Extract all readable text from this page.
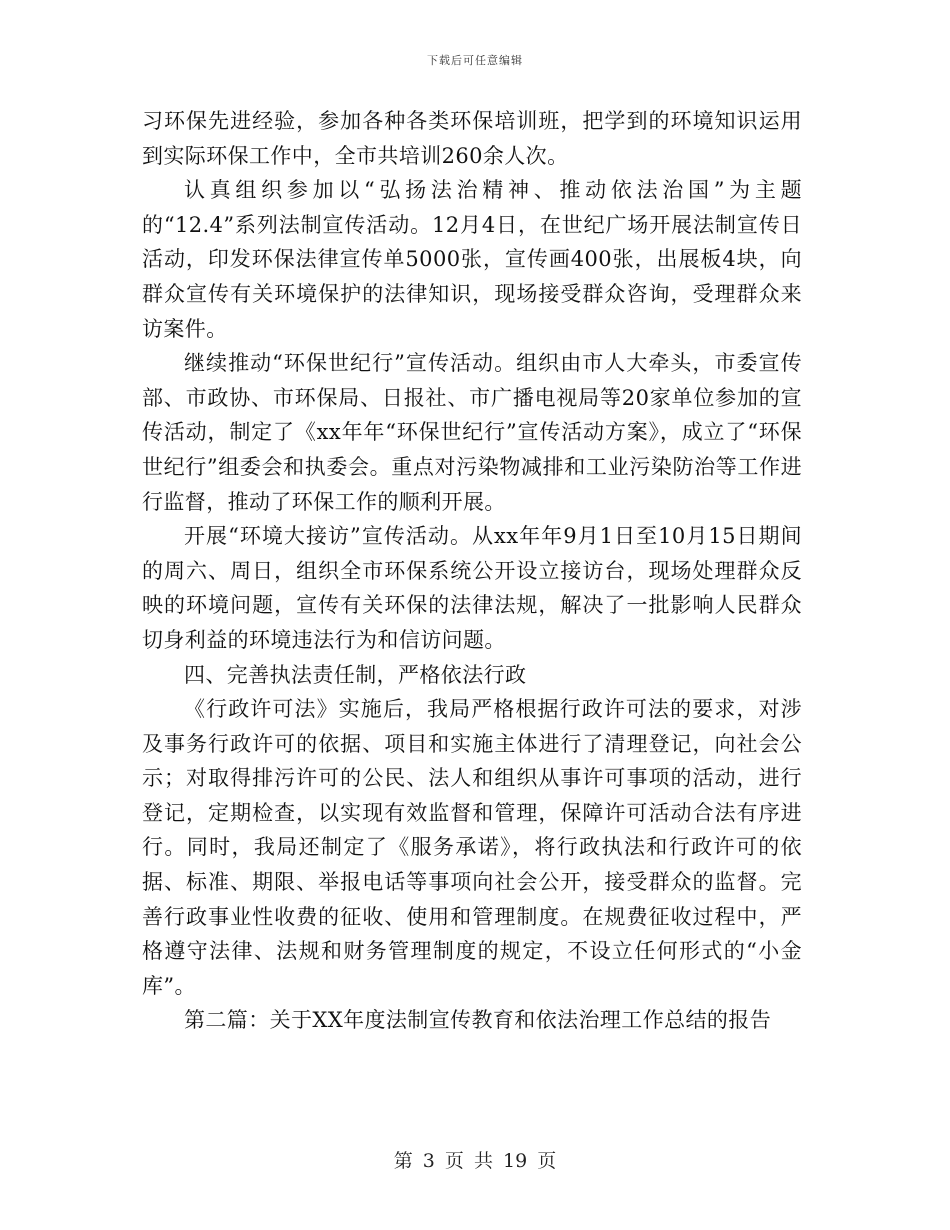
下载后可任意编辑

习环保先进经验，参加各种各类环保培训班，把学到的环境知识运用到实际环保工作中，全市共培训260余人次。

认真组织参加以“弘扬法治精神、推动依法治国”为主题的“12.4”系列法制宣传活动。12月4日，在世纪广场开展法制宣传日活动，印发环保法律宣传单5000张，宣传画400张，出展板4块，向群众宣传有关环境保护的法律知识，现场接受群众咨询，受理群众来访案件。

继续推动“环保世纪行”宣传活动。组织由市人大牵头，市委宣传部、市政协、市环保局、日报社、市广播电视局等20家单位参加的宣传活动，制定了《xx年年“环保世纪行”宣传活动方案》，成立了“环保世纪行”组委会和执委会。重点对污染物减排和工业污染防治等工作进行监督，推动了环保工作的顺利开展。

开展“环境大接访”宣传活动。从xx年年9月1日至10月15日期间的周六、周日，组织全市环保系统公开设立接访台，现场处理群众反映的环境问题，宣传有关环保的法律法规，解决了一批影响人民群众切身利益的环境违法行为和信访问题。

四、完善执法责任制，严格依法行政

《行政许可法》实施后，我局严格根据行政许可法的要求，对涉及事务行政许可的依据、项目和实施主体进行了清理登记，向社会公示；对取得排污许可的公民、法人和组织从事许可事项的活动，进行登记，定期检查，以实现有效监督和管理，保障许可活动合法有序进行。同时，我局还制定了《服务承诺》，将行政执法和行政许可的依据、标准、期限、举报电话等事项向社会公开，接受群众的监督。完善行政事业性收费的征收、使用和管理制度。在规费征收过程中，严格遵守法律、法规和财务管理制度的规定，不设立任何形式的“小金库”。

第二篇：关于XX年度法制宣传教育和依法治理工作总结的报告

第 3 页 共 19 页
